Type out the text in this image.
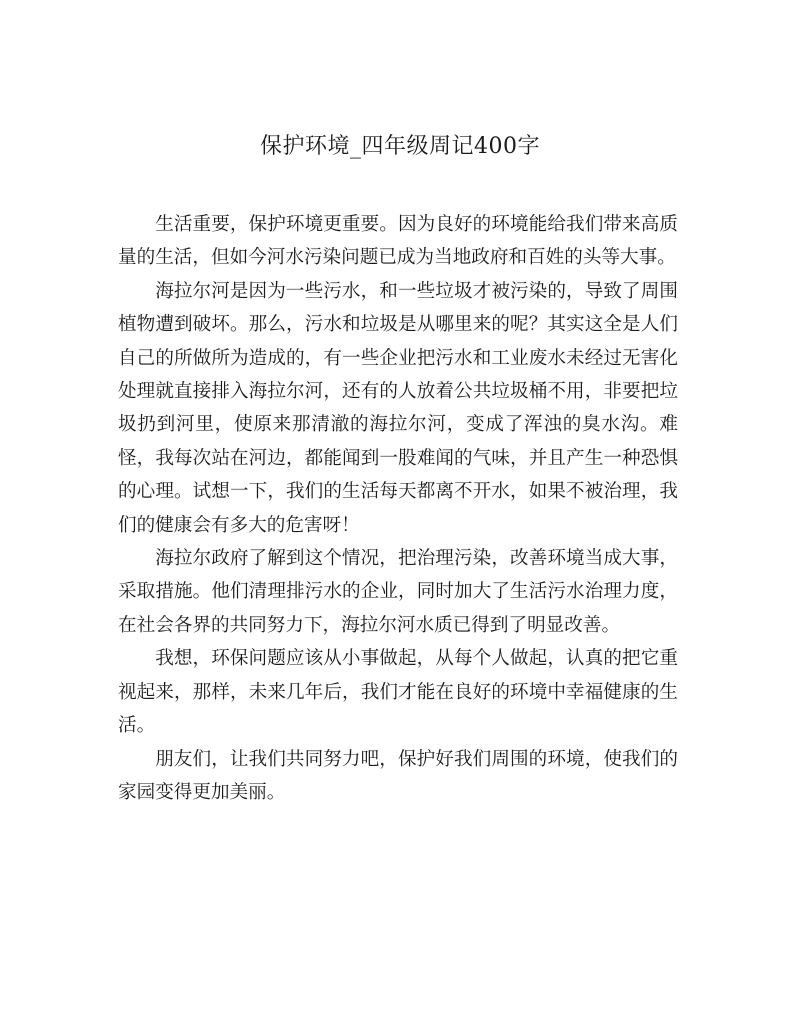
保护环境_四年级周记400字

生活重要，保护环境更重要。因为良好的环境能给我们带来高质量的生活，但如今河水污染问题已成为当地政府和百姓的头等大事。

海拉尔河是因为一些污水，和一些垃圾才被污染的，导致了周围植物遭到破坏。那么，污水和垃圾是从哪里来的呢？其实这全是人们自己的所做所为造成的，有一些企业把污水和工业废水未经过无害化处理就直接排入海拉尔河，还有的人放着公共垃圾桶不用，非要把垃圾扔到河里，使原来那清澈的海拉尔河，变成了浑浊的臭水沟。难怪，我每次站在河边，都能闻到一股难闻的气味，并且产生一种恐惧的心理。试想一下，我们的生活每天都离不开水，如果不被治理，我们的健康会有多大的危害呀！

海拉尔政府了解到这个情况，把治理污染，改善环境当成大事，采取措施。他们清理排污水的企业，同时加大了生活污水治理力度，在社会各界的共同努力下，海拉尔河水质已得到了明显改善。

我想，环保问题应该从小事做起，从每个人做起，认真的把它重视起来，那样，未来几年后，我们才能在良好的环境中幸福健康的生活。

朋友们，让我们共同努力吧，保护好我们周围的环境，使我们的家园变得更加美丽。
